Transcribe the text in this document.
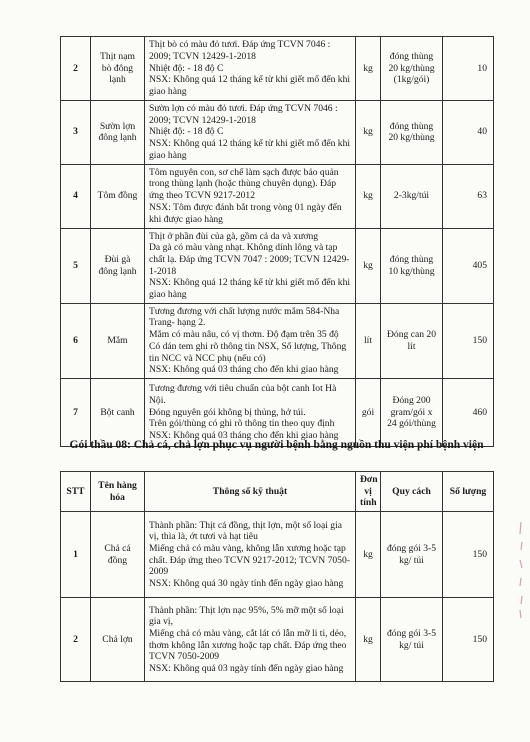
2	Thịt nạm bò đông lạnh	Thịt bò có màu đỏ tươi. Đáp ứng TCVN 7046 : 2009; TCVN 12429-1-2018
Nhiệt độ: - 18 độ C
NSX: Không quá 12 tháng kể từ khi giết mổ đến khi giao hàng	kg	đóng thùng 20 kg/thùng (1kg/gói)	10
3	Sườn lợn đông lạnh	Sườn lợn có màu đỏ tươi. Đáp ứng TCVN 7046 : 2009; TCVN 12429-1-2018
Nhiệt độ: - 18 độ C
NSX: Không quá 12 tháng kể từ khi giết mổ đến khi giao hàng	kg	đóng thùng 20 kg/thùng	40
4	Tôm đồng	Tôm nguyên con, sơ chế làm sạch được bảo quản trong thùng lạnh (hoặc thùng chuyên dụng). Đáp ứng theo TCVN 9217-2012
NSX: Tôm được đánh bắt trong vòng 01 ngày đến khi được giao hàng	kg	2-3kg/túi	63
5	Đùi gà đông lạnh	Thịt ở phần đùi của gà, gồm cả da và xương
Da gà có màu vàng nhạt. Không dính lông và tạp chất lạ. Đáp ứng TCVN 7047 : 2009; TCVN 12429-1-2018
NSX: Không quá 12 tháng kể từ khi giết mổ đến khi giao hàng	kg	đóng thùng 10 kg/thùng	405
6	Mắm	Tương đương với chất lượng nước mắm 584-Nha Trang- hạng 2.
Mắm có màu nâu, có vị thơm. Độ đạm trên 35 độ
Có dán tem ghi rõ thông tin NSX, Số lượng, Thông tin NCC và NCC phụ (nếu có)
NSX: Không quá 03 tháng cho đến khi giao hàng	lít	Đóng can 20 lít	150
7	Bột canh	Tương đương với tiêu chuẩn của bột canh Iot Hà Nội.
Đóng nguyên gói không bị thủng, hở túi.
Trên gói/thùng có ghi rõ thông tin theo quy định
NSX: Không quá 03 tháng cho đến khi giao hàng	gói	Đóng 200 gram/gói x 24 gói/thùng	460
Gói thầu 08: Chả cá, chả lợn phục vụ người bệnh bằng nguồn thu viện phí bệnh viện
STT	Tên hàng hóa	Thông số kỹ thuật	Đơn vị tính	Quy cách	Số lượng
1	Chả cá đồng	Thành phần: Thịt cá đồng, thịt lợn, một số loại gia vị, thìa là, ớt tươi và hạt tiêu
Miếng chả có màu vàng, không lẫn xương hoặc tạp chất. Đáp ứng theo TCVN 9217-2012; TCVN 7050-2009
NSX: Không quá 30 ngày tính đến ngày giao hàng	kg	đóng gói 3-5 kg/ túi	150
2	Chả lợn	Thành phần: Thịt lợn nạc 95%, 5% mỡ một số loại gia vị,
Miếng chả có màu vàng, cắt lát có lẫn mỡ li ti, dẻo, thơm không lẫn xương hoặc tạp chất. Đáp ứng theo TCVN 7050-2009
NSX: Không quá 03 ngày tính đến ngày giao hàng	kg	đóng gói 3-5 kg/ túi	150
